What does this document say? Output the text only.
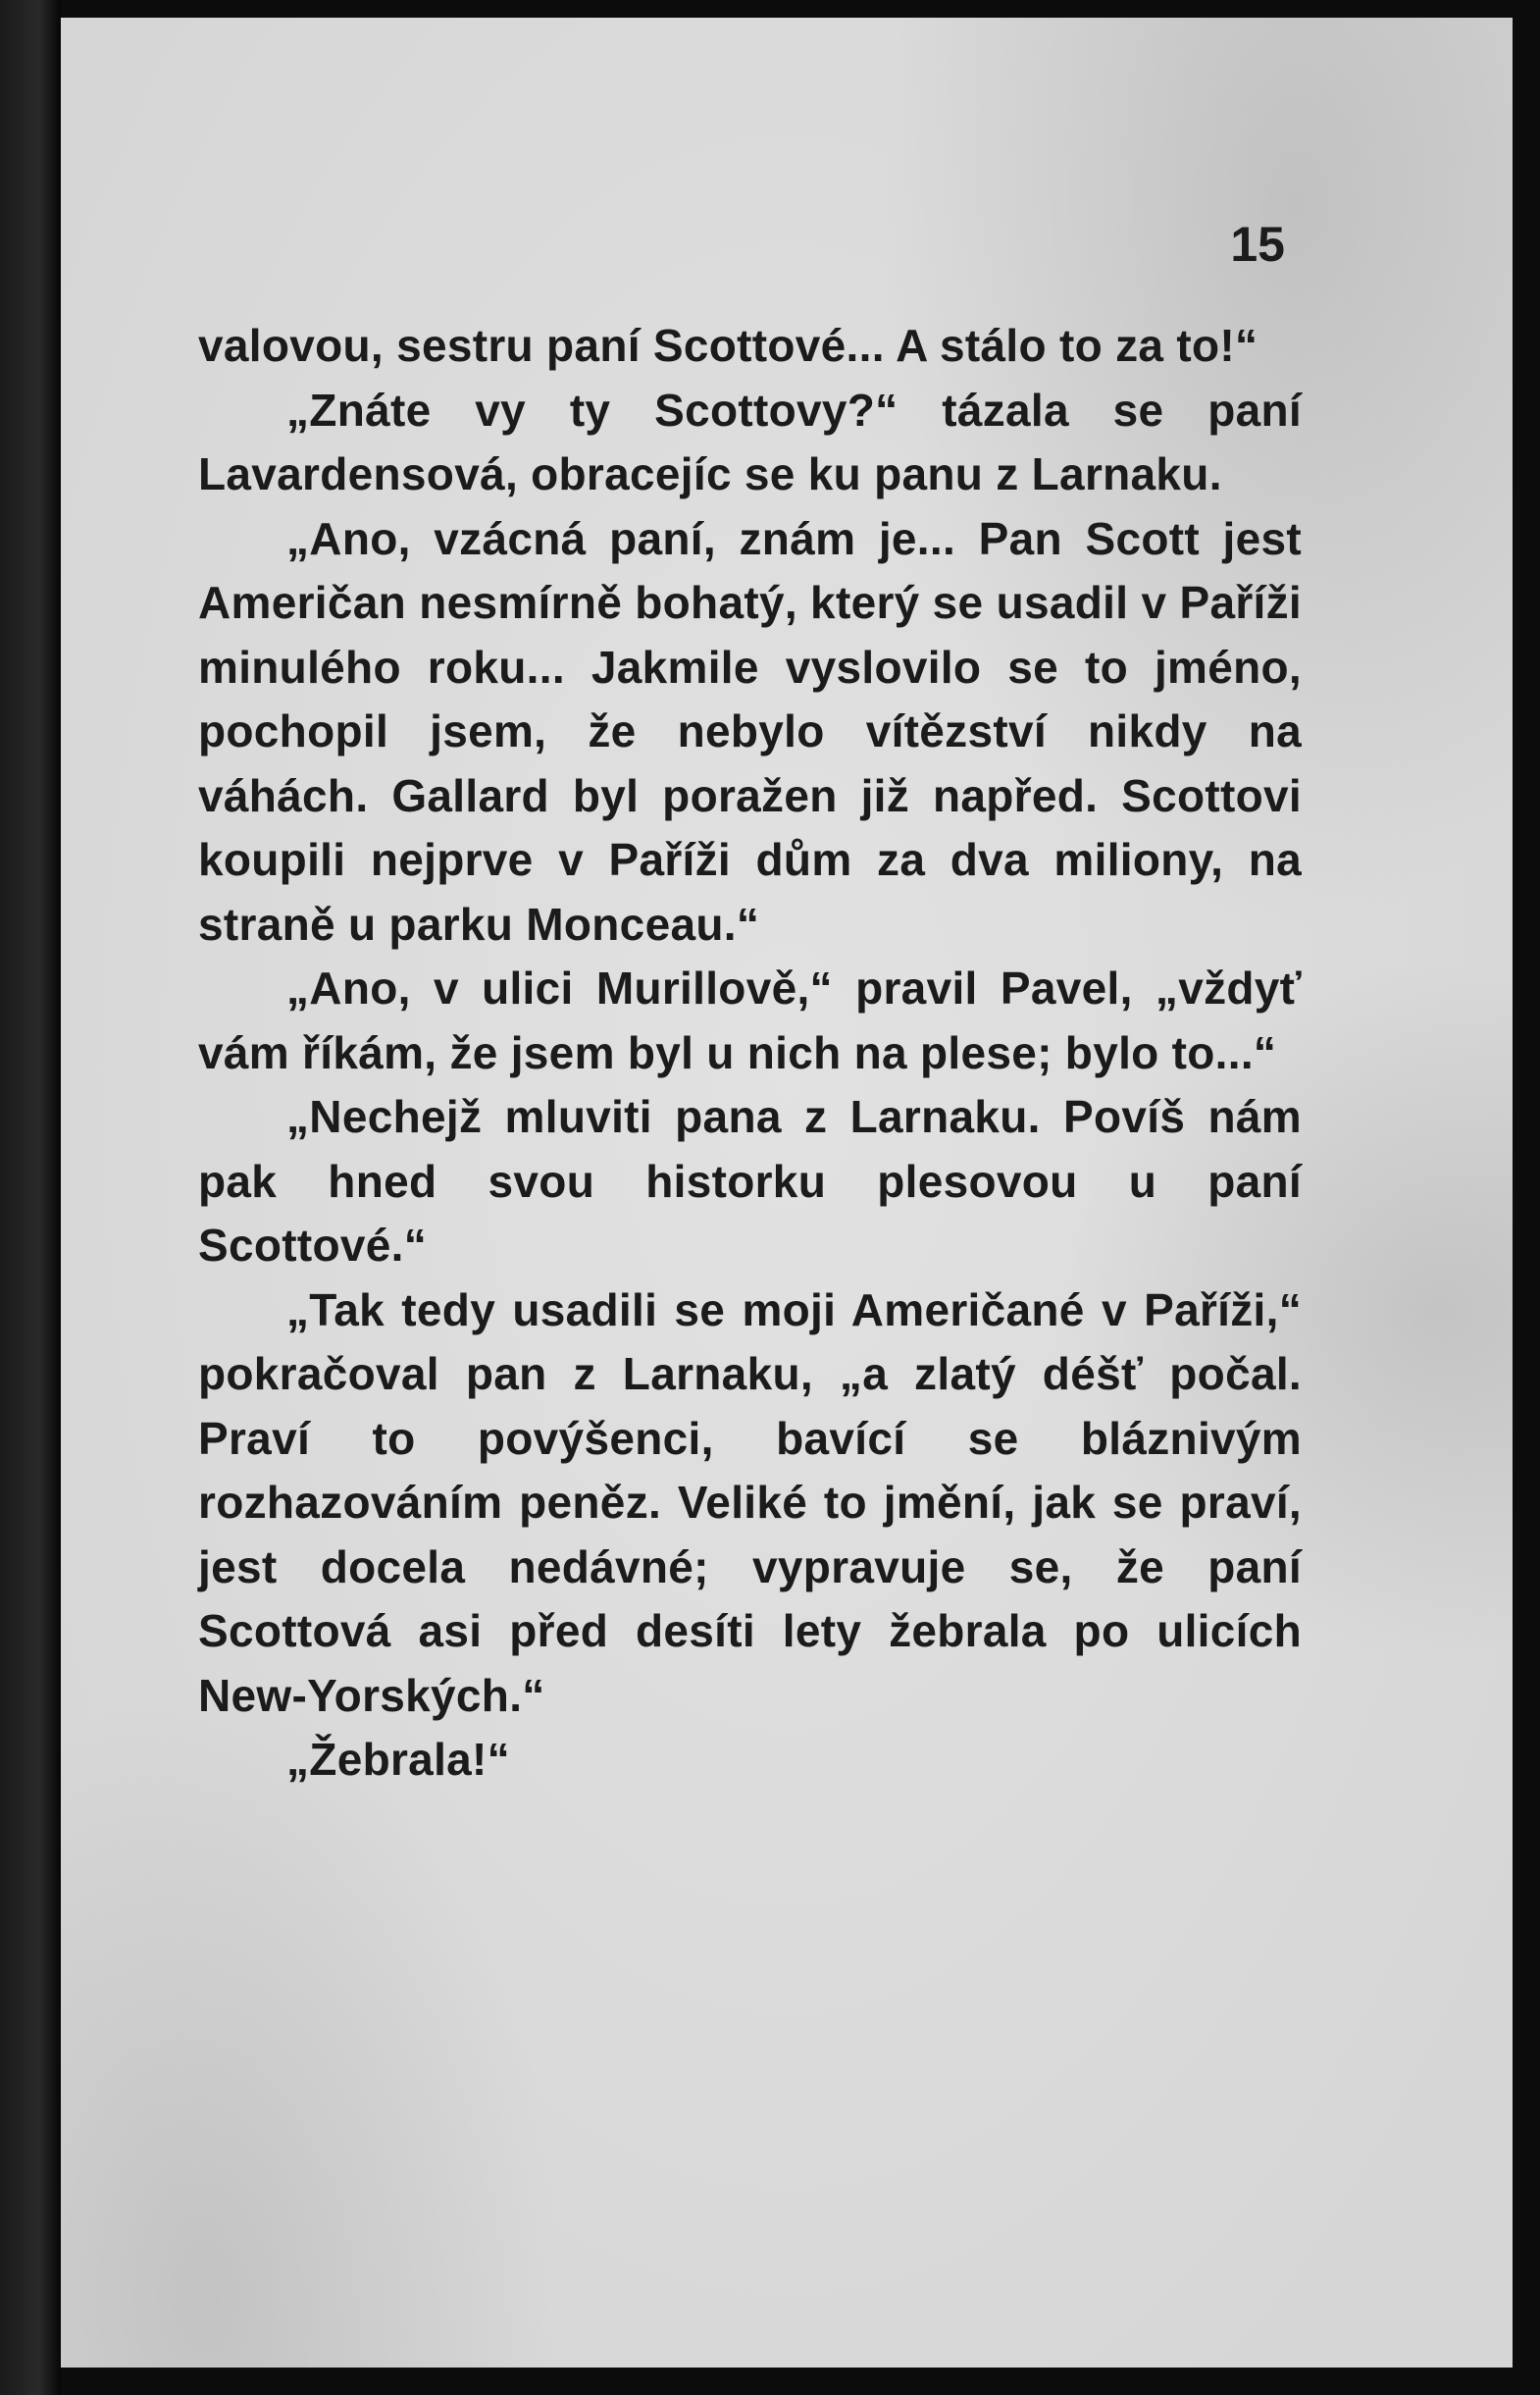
15

valovou, sestru paní Scottové... A stálo to za to!“

„Znáte vy ty Scottovy?“ tázala se paní Lavardensová, obracejíc se ku panu z Larnaku.

„Ano, vzácná paní, znám je... Pan Scott jest Američan nesmírně bohatý, který se usadil v Paříži minulého roku... Jakmile vyslovilo se to jméno, pochopil jsem, že nebylo vítězství nikdy na váhách. Gallard byl poražen již napřed. Scottovi koupili nejprve v Paříži dům za dva miliony, na straně u parku Monceau.“

„Ano, v ulici Murillově,“ pravil Pavel, „vždyť vám říkám, že jsem byl u nich na plese; bylo to...“

„Nechejž mluviti pana z Larnaku. Povíš nám pak hned svou historku plesovou u paní Scottové.“

„Tak tedy usadili se moji Američané v Paříži,“ pokračoval pan z Larnaku, „a zlatý déšť počal. Praví to povýšenci, bavící se bláznivým rozhazováním peněz. Veliké to jmění, jak se praví, jest docela nedávné; vypravuje se, že paní Scottová asi před desíti lety žebrala po ulicích New-Yorských.“

„Žebrala!“
